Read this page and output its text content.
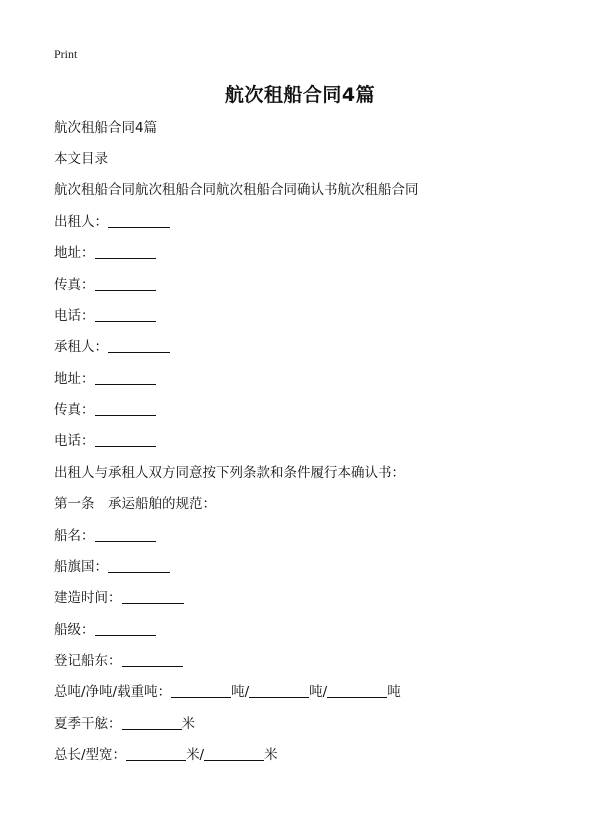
Print
航次租船合同4篇
航次租船合同4篇
本文目录
航次租船合同航次租船合同航次租船合同确认书航次租船合同
出租人：
地址：
传真：
电话：
承租人：
地址：
传真：
电话：
出租人与承租人双方同意按下列条款和条件履行本确认书：
第一条　承运船舶的规范：
船名：
船旗国：
建造时间：
船级：
登记船东：
总吨/净吨/载重吨：	吨/	吨/	吨
夏季干舷：	米
总长/型宽：	米/	米
